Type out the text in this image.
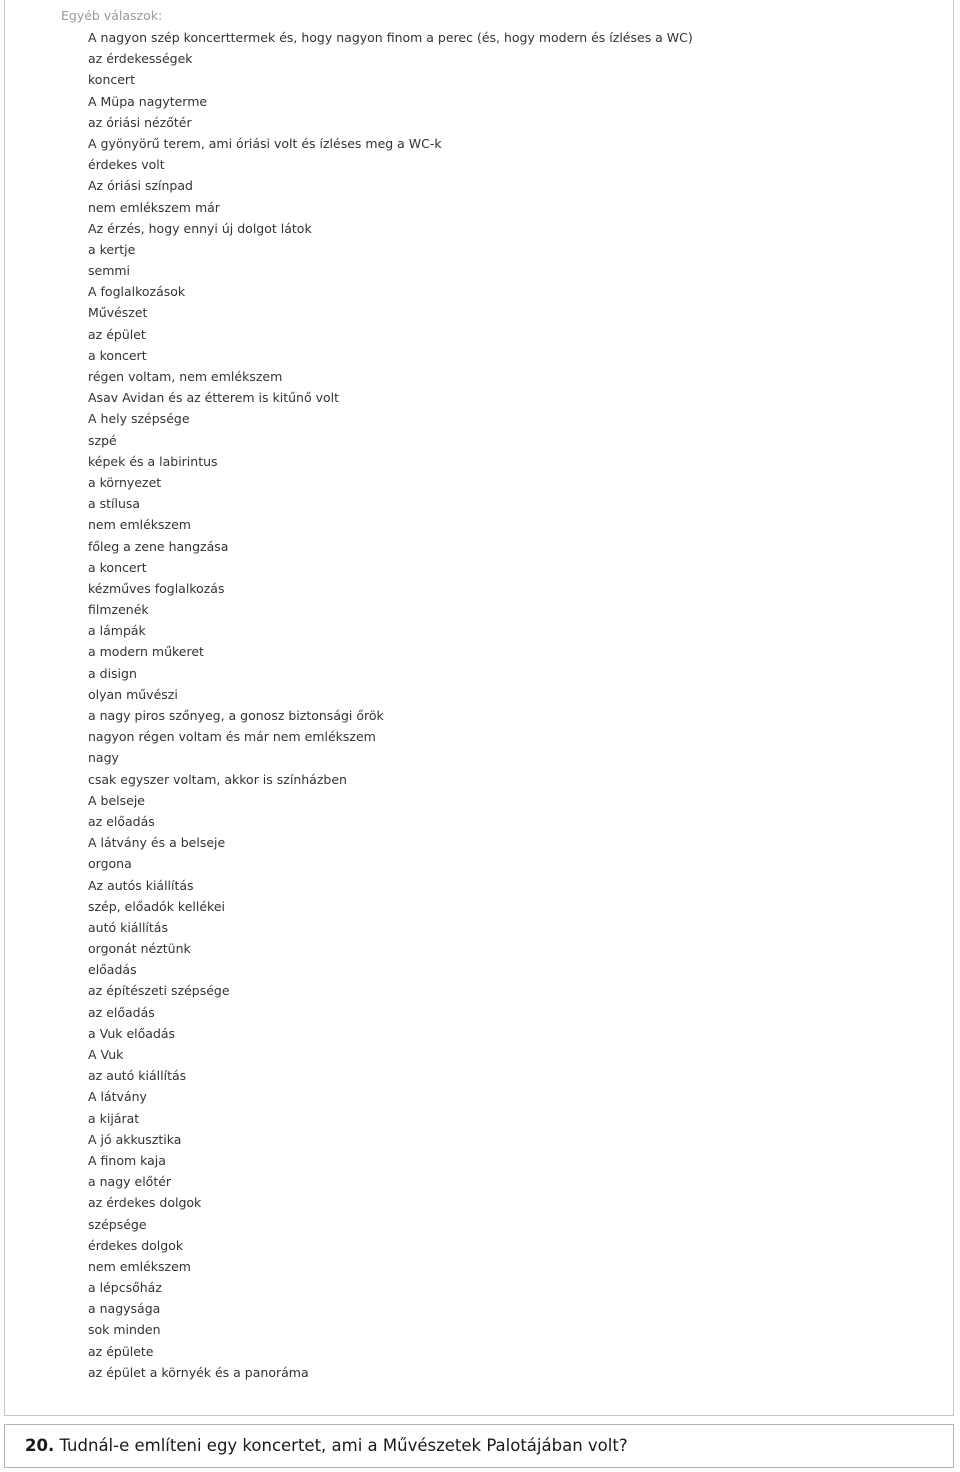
Egyéb válaszok:

A nagyon szép koncerttermek és, hogy nagyon finom a perec (és, hogy modern és ízléses a WC)
az érdekességek
koncert
A Müpa nagyterme
az óriási nézőtér
A gyönyörű terem, ami óriási volt és ízléses meg a WC-k
érdekes volt
Az óriási színpad
nem emlékszem már
Az érzés, hogy ennyi új dolgot látok
a kertje
semmi
A foglalkozások
Művészet
az épület
a koncert
régen voltam, nem emlékszem
Asav Avidan és az étterem is kitűnő volt
A hely szépsége
szpé
képek és a labirintus
a környezet
a stílusa
nem emlékszem
főleg a zene hangzása
a koncert
kézműves foglalkozás
filmzenék
a lámpák
a modern műkeret
a disign
olyan művészi
a nagy piros szőnyeg, a gonosz biztonsági őrök
nagyon régen voltam és már nem emlékszem
nagy
csak egyszer voltam, akkor is színházben
A belseje
az előadás
A látvány és a belseje
orgona
Az autós kiállítás
szép, előadók kellékei
autó kiállítás
orgonát néztünk
előadás
az építészeti szépsége
az előadás
a Vuk előadás
A Vuk
az autó kiállítás
A látvány
a kijárat
A jó akkusztika
A finom kaja
a nagy előtér
az érdekes dolgok
szépsége
érdekes dolgok
nem emlékszem
a lépcsőház
a nagysága
sok minden
az épülete
az épület a környék és a panoráma

20. Tudnál-e említeni egy koncertet, ami a Művészetek Palotájában volt?
